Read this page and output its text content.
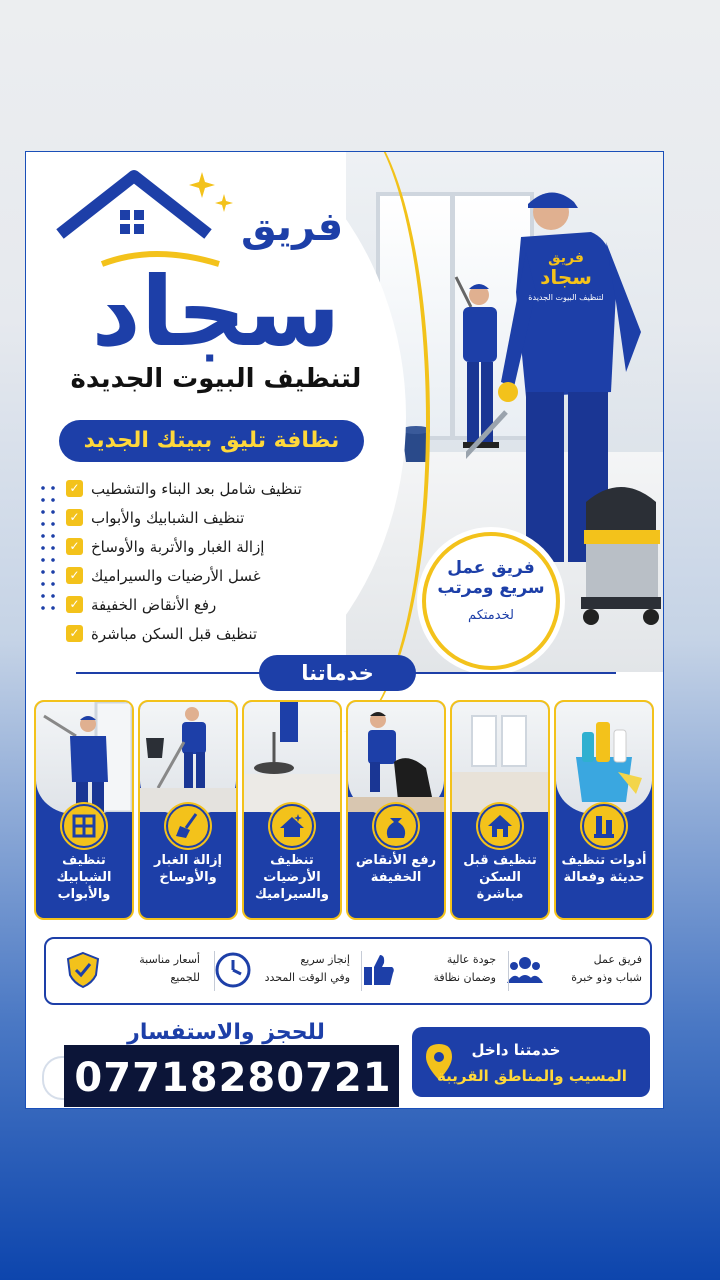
فريق
سجاد
لتنظيف البيوت الجديدة
فريق
سجاد
لتنظيف البيوت الجديدة
نظافة تليق ببيتك الجديد
✓ تنظيف شامل بعد البناء والتشطيب
✓ تنظيف الشبابيك والأبواب
✓ إزالة الغبار والأتربة والأوساخ
✓ غسل الأرضيات والسيراميك
✓ رفع الأنقاض الخفيفة
✓ تنظيف قبل السكن مباشرة
فريق عمل
سريع ومرتب
لخدمتكم
خدماتنا
أدوات تنظيف حديثة وفعالة
تنظيف قبل السكن مباشرة
رفع الأنقاض الخفيفة
تنظيف الأرضيات والسيراميك
إزالة الغبار والأوساخ
تنظيف الشبابيك والأبواب
فريق عمل
شباب وذو خبرة
جودة عالية
وضمان نظافة
إنجاز سريع
وفي الوقت المحدد
أسعار مناسبة
للجميع
للحجز والاستفسار
07718280721
خدمتنا داخل
المسيب والمناطق القريبة
